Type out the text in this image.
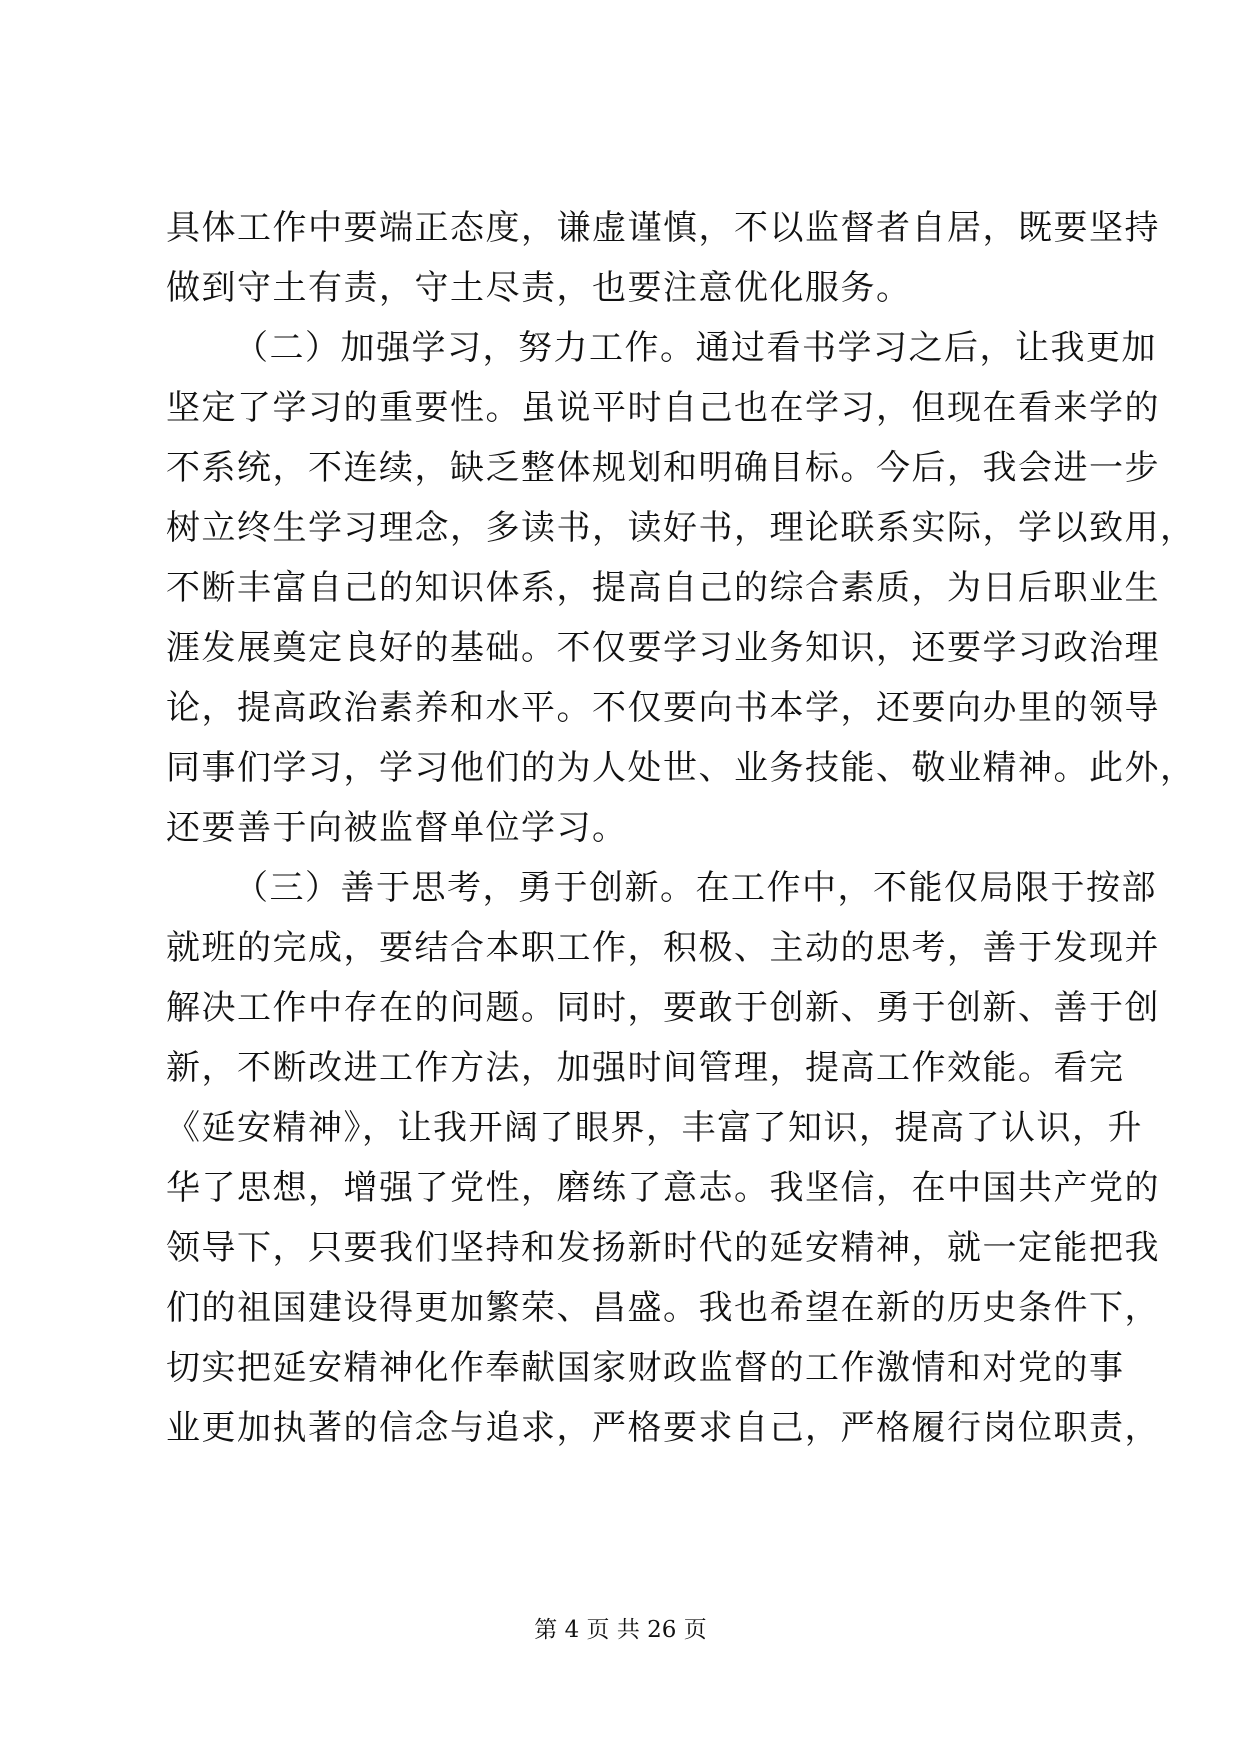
具体工作中要端正态度，谦虚谨慎，不以监督者自居，既要坚持
做到守土有责，守土尽责，也要注意优化服务。
（二）加强学习，努力工作。通过看书学习之后，让我更加
坚定了学习的重要性。虽说平时自己也在学习，但现在看来学的
不系统，不连续，缺乏整体规划和明确目标。今后，我会进一步
树立终生学习理念，多读书，读好书，理论联系实际，学以致用，
不断丰富自己的知识体系，提高自己的综合素质，为日后职业生
涯发展奠定良好的基础。不仅要学习业务知识，还要学习政治理
论，提高政治素养和水平。不仅要向书本学，还要向办里的领导
同事们学习，学习他们的为人处世、业务技能、敬业精神。此外，
还要善于向被监督单位学习。
（三）善于思考，勇于创新。在工作中，不能仅局限于按部
就班的完成，要结合本职工作，积极、主动的思考，善于发现并
解决工作中存在的问题。同时，要敢于创新、勇于创新、善于创
新，不断改进工作方法，加强时间管理，提高工作效能。看完
《延安精神》，让我开阔了眼界，丰富了知识，提高了认识，升
华了思想，增强了党性，磨练了意志。我坚信，在中国共产党的
领导下，只要我们坚持和发扬新时代的延安精神，就一定能把我
们的祖国建设得更加繁荣、昌盛。我也希望在新的历史条件下，
切实把延安精神化作奉献国家财政监督的工作激情和对党的事
业更加执著的信念与追求，严格要求自己，严格履行岗位职责，
第 4 页 共 26 页
